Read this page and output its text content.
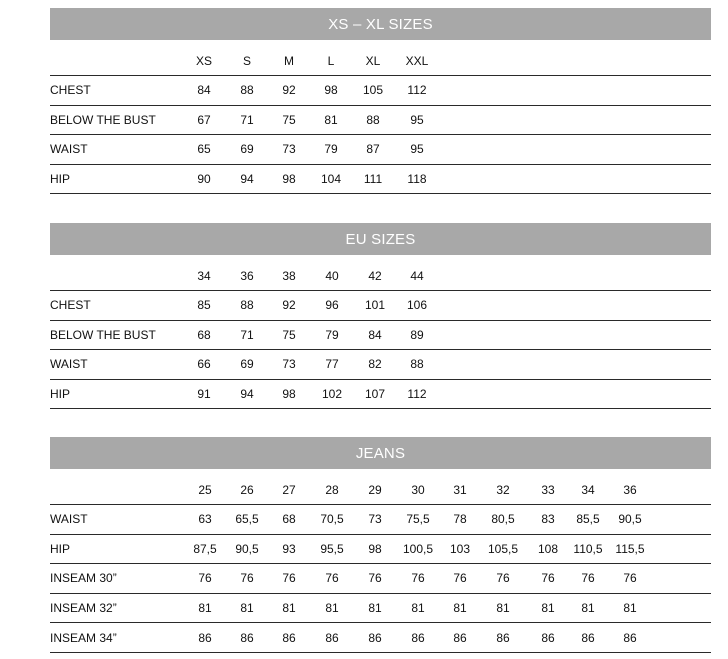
XS – XL SIZES
XS	S	M	L	XL XXL
CHEST	84 88 92 98 105 112
BELOW THE BUST	67 71 75 81 88	95
WAIST	65 69 73 79 87	95
HIP	90 94 98 104 111 118
EU SIZES
34 36 38 40 42 44
CHEST	85 88 92 96 101 106
BELOW THE BUST	68 71 75 79 84 89
WAIST	66 69 73 77 82 88
HIP	91 94 98 102 107 112
JEANS
25 26 27 28 29 30 31 32	33 34 36
WAIST	63 65,5 68 70,5 73 75,5 78 80,5 83 85,5 90,5
HIP	87,5 90,5 93 95,5 98 100,5 103 105,5 108 110,5 115,5
INSEAM 30”	76 76 76 76 76 76 76 76	76 76 76
INSEAM 32”	81 81 81 81 81 81 81 81	81 81 81
INSEAM 34”	86 86 86 86 86 86 86 86	86 86 86
